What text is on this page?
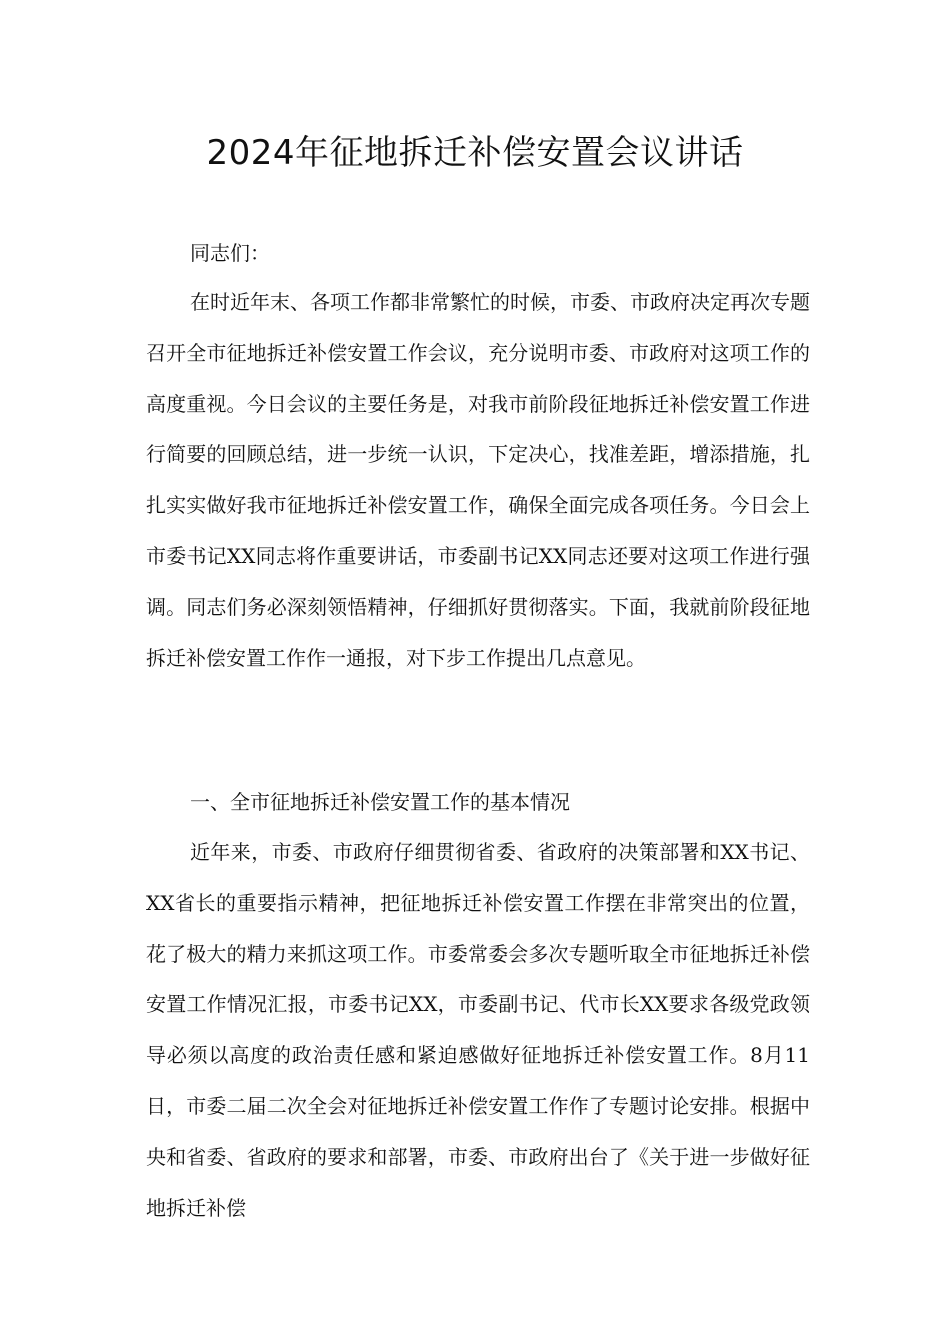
2024年征地拆迁补偿安置会议讲话

同志们：

在时近年末、各项工作都非常繁忙的时候，市委、市政府决定再次专题召开全市征地拆迁补偿安置工作会议，充分说明市委、市政府对这项工作的高度重视。今日会议的主要任务是，对我市前阶段征地拆迁补偿安置工作进行简要的回顾总结，进一步统一认识，下定决心，找准差距，增添措施，扎扎实实做好我市征地拆迁补偿安置工作，确保全面完成各项任务。今日会上市委书记XX同志将作重要讲话，市委副书记XX同志还要对这项工作进行强调。同志们务必深刻领悟精神，仔细抓好贯彻落实。下面，我就前阶段征地拆迁补偿安置工作作一通报，对下步工作提出几点意见。

一、全市征地拆迁补偿安置工作的基本情况

近年来，市委、市政府仔细贯彻省委、省政府的决策部署和XX书记、XX省长的重要指示精神，把征地拆迁补偿安置工作摆在非常突出的位置，花了极大的精力来抓这项工作。市委常委会多次专题听取全市征地拆迁补偿安置工作情况汇报，市委书记XX，市委副书记、代市长XX要求各级党政领导必须以高度的政治责任感和紧迫感做好征地拆迁补偿安置工作。8月11日，市委二届二次全会对征地拆迁补偿安置工作作了专题讨论安排。根据中央和省委、省政府的要求和部署，市委、市政府出台了《关于进一步做好征地拆迁补偿
